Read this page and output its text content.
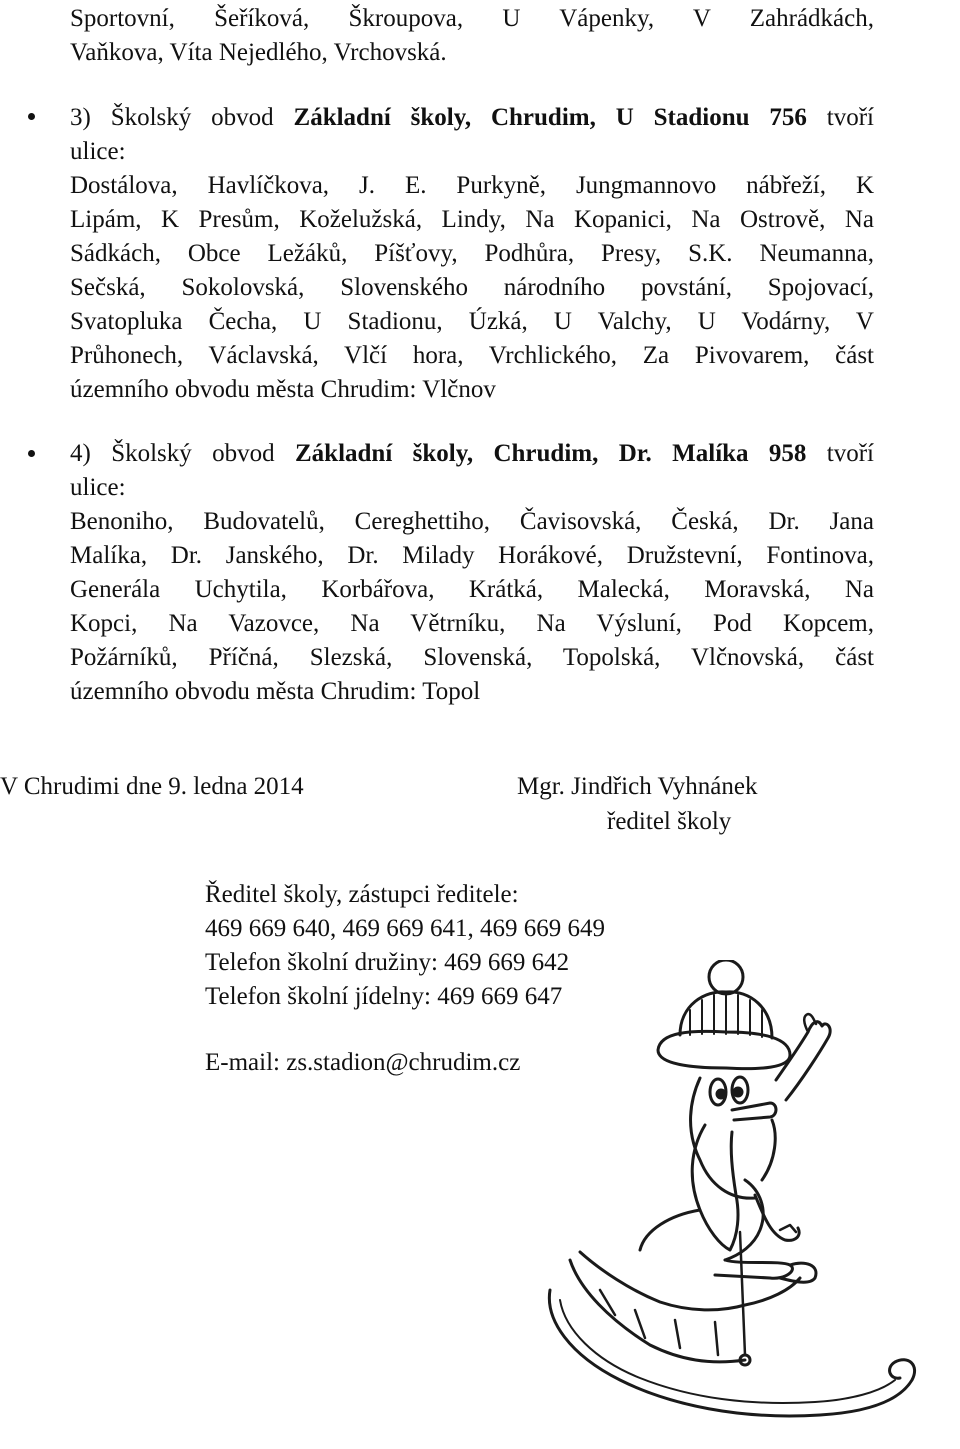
Sportovní, Šeříková, Škroupova, U Vápenky, V Zahrádkách,
Vaňkova, Víta Nejedlého, Vrchovská.
3) Školský obvod Základní školy, Chrudim, U Stadionu 756 tvoří
ulice:
Dostálova, Havlíčkova, J. E. Purkyně, Jungmannovo nábřeží, K
Lipám, K Presům, Koželužská, Lindy, Na Kopanici, Na Ostrově, Na
Sádkách, Obce Ležáků, Píšťovy, Podhůra, Presy, S.K. Neumanna,
Sečská, Sokolovská, Slovenského národního povstání, Spojovací,
Svatopluka Čecha, U Stadionu, Úzká, U Valchy, U Vodárny, V
Průhonech, Václavská, Vlčí hora, Vrchlického, Za Pivovarem, část
územního obvodu města Chrudim: Vlčnov
4) Školský obvod Základní školy, Chrudim, Dr. Malíka 958 tvoří
ulice:
Benoniho, Budovatelů, Cereghettiho, Čavisovská, Česká, Dr. Jana
Malíka, Dr. Janského, Dr. Milady Horákové, Družstevní, Fontinova,
Generála Uchytila, Korbářova, Krátká, Malecká, Moravská, Na
Kopci, Na Vazovce, Na Větrníku, Na Výsluní, Pod Kopcem,
Požárníků, Příčná, Slezská, Slovenská, Topolská, Vlčnovská, část
územního obvodu města Chrudim: Topol
V Chrudimi dne 9. ledna 2014	Mgr. Jindřich Vyhnánek
ředitel školy
Ředitel školy, zástupci ředitele:
469 669 640, 469 669 641, 469 669 649
Telefon školní družiny: 469 669 642
Telefon školní jídelny: 469 669 647
E-mail: zs.stadion@chrudim.cz
